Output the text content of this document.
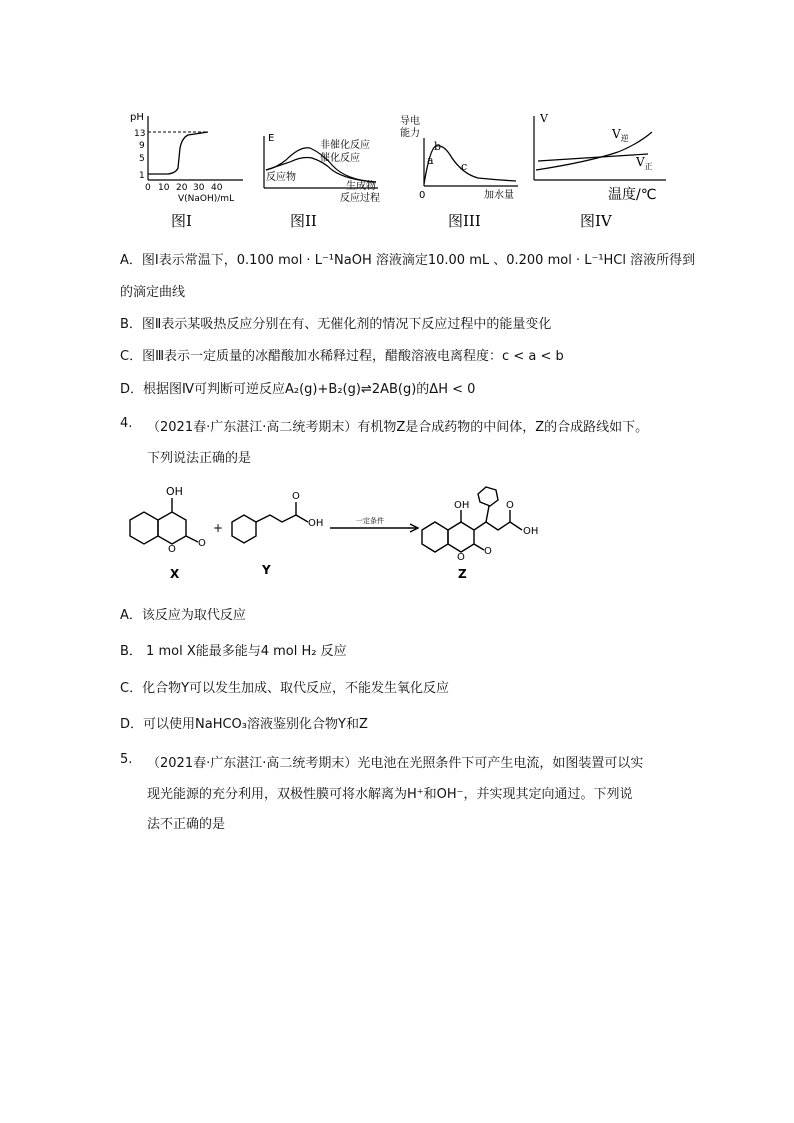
pH
13
9
5
1
0 10 20 30 40
V(NaOH)/mL
图I
E
非催化反应
催化反应
反应物
生成物
反应过程
图II
导电
能力
a
b
c
0	加水量
图III
V
$V_逆$
$V_正$
温度/℃
图IV
A．图Ⅰ表示常温下，0.100 mol · L⁻¹NaOH 溶液滴定10.00 mL 、0.200 mol · L⁻¹HCl 溶液所得到
的滴定曲线
B．图Ⅱ表示某吸热反应分别在有、无催化剂的情况下反应过程中的能量变化
C．图Ⅲ表示一定质量的冰醋酸加水稀释过程，醋酸溶液电离程度：c < a < b
D．根据图Ⅳ可判断可逆反应A₂(g)+B₂(g)⇌2AB(g)的ΔH < 0
4. （2021春·广东湛江·高二统考期末）有机物Z是合成药物的中间体，Z的合成路线如下。
下列说法正确的是
OH
O
O
X
+
O
OH
Y
一定条件
OH
O
O
O
OH
Z
A．该反应为取代反应
B． 1 mol X能最多能与4 mol H₂ 反应
C．化合物Y可以发生加成、取代反应，不能发生氧化反应
D．可以使用NaHCO₃溶液鉴别化合物Y和Z
5. （2021春·广东湛江·高二统考期末）光电池在光照条件下可产生电流，如图装置可以实
现光能源的充分利用，双极性膜可将水解离为H⁺和OH⁻，并实现其定向通过。下列说
法不正确的是
